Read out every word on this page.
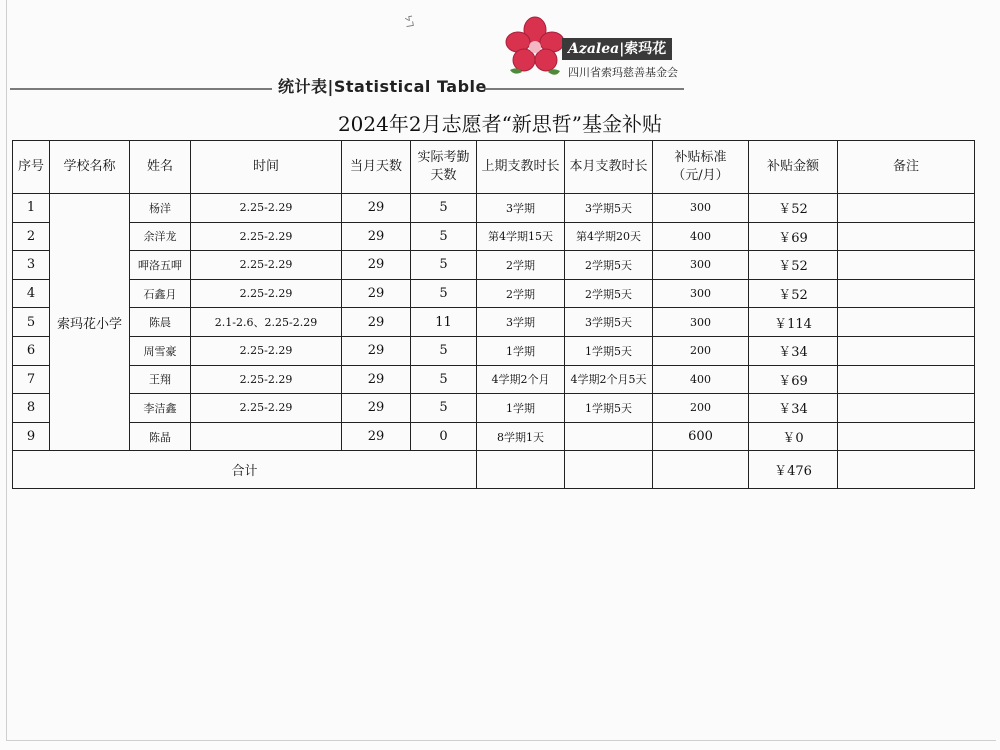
ᔭᒣ
Azalea|索玛花
四川省索玛慈善基金会
统计表|Statistical Table
2024年2月志愿者“新思哲”基金补贴
序号	学校名称	姓名	时间	当月天数	实际考勤
天数	上期支教时长	本月支教时长	补贴标准
（元/月）	补贴金额	备注
1	索玛花小学	杨洋	2.25-2.29	29	5	3学期	3学期5天	300	￥52	
2		余洋龙	2.25-2.29	29	5	第4学期15天	第4学期20天	400	￥69	
3		呷洛五呷	2.25-2.29	29	5	2学期	2学期5天	300	￥52	
4		石鑫月	2.25-2.29	29	5	2学期	2学期5天	300	￥52	
5		陈晨	2.1-2.6、2.25-2.29	29	11	3学期	3学期5天	300	￥114	
6		周雪豪	2.25-2.29	29	5	1学期	1学期5天	200	￥34	
7		王翔	2.25-2.29	29	5	4学期2个月	4学期2个月5天	400	￥69	
8		李洁鑫	2.25-2.29	29	5	1学期	1学期5天	200	￥34	
9		陈晶		29	0	8学期1天		600	￥0	
合计									￥476	
